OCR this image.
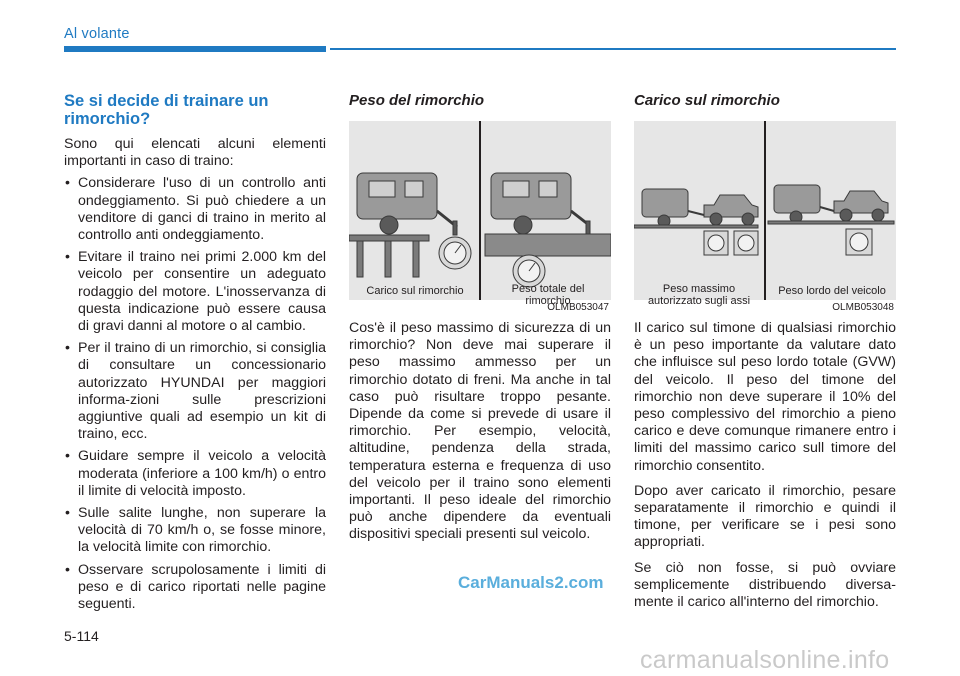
Al volante
Se si decide di trainare un rimorchio?

Sono qui elencati alcuni elementi importanti in caso di traino:

• Considerare l'uso di un controllo anti ondeggiamento. Si può chiedere a un venditore di ganci di traino in merito al controllo anti ondeggiamento.
• Evitare il traino nei primi 2.000 km del veicolo per consentire un adeguato rodaggio del motore. L'inosservanza di questa indicazione può essere causa di gravi danni al motore o al cambio.
• Per il traino di un rimorchio, si consiglia di consultare un concessionario autorizzato HYUNDAI per maggiori informa-zioni sulle prescrizioni aggiuntive quali ad esempio un kit di traino, ecc.
• Guidare sempre il veicolo a velocità moderata (inferiore a 100 km/h) o entro il limite di velocità imposto.
• Sulle salite lunghe, non superare la velocità di 70 km/h o, se fosse minore, la velocità limite con rimorchio.
• Osservare scrupolosamente i limiti di peso e di carico riportati nelle pagine seguenti.
Peso del rimorchio
Carico sul rimorchio	Peso totale del rimorchio
OLMB053047

Cos'è il peso massimo di sicurezza di un rimorchio? Non deve mai superare il peso massimo ammesso per un rimorchio dotato di freni. Ma anche in tal caso può risultare troppo pesante. Dipende da come si prevede di usare il rimorchio. Per esempio, velocità, altitudine, pendenza della strada, temperatura esterna e frequenza di uso del veicolo per il traino sono elementi importanti. Il peso ideale del rimorchio può anche dipendere da eventuali dispositivi speciali presenti sul veicolo.

Carico sul rimorchio
Peso massimo autorizzato sugli assi
Peso lordo del veicolo
OLMB053048

Il carico sul timone di qualsiasi rimorchio è un peso importante da valutare dato che influisce sul peso lordo totale (GVW) del veicolo. Il peso del timone del rimorchio non deve superare il 10% del peso complessivo del rimorchio a pieno carico e deve comunque rimanere entro i limiti del massimo carico sull timore del rimorchio consentito.

Dopo aver caricato il rimorchio, pesare separatamente il rimorchio e quindi il timone, per verificare se i pesi sono appropriati.

Se ciò non fosse, si può ovviare semplicemente distribuendo diversa-mente il carico all'interno del rimorchio.

5-114
CarManuals2.com
carmanualsonline.info
